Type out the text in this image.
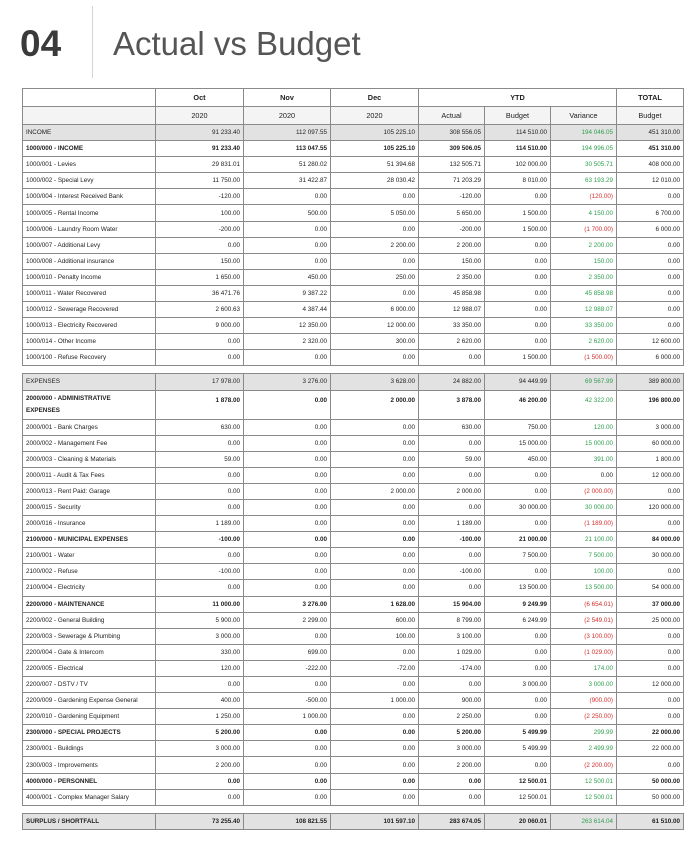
04 Actual vs Budget
	Oct	Nov	Dec	YTD			TOTAL
	2020	2020	2020	Actual	Budget	Variance	Budget
INCOME	91 233.40	112 097.55	105 225.10	308 556.05	114 510.00	194 046.05	451 310.00
1000/000 - INCOME	91 233.40	113 047.55	105 225.10	309 506.05	114 510.00	194 996.05	451 310.00
1000/001 - Levies	29 831.01	51 280.02	51 394.68	132 505.71	102 000.00	30 505.71	408 000.00
1000/002 - Special Levy	11 750.00	31 422.87	28 030.42	71 203.29	8 010.00	63 193.29	12 010.00
1000/004 - Interest Received Bank	-120.00	0.00	0.00	-120.00	0.00	(120.00)	0.00
1000/005 - Rental Income	100.00	500.00	5 050.00	5 650.00	1 500.00	4 150.00	6 700.00
1000/006 - Laundry Room Water	-200.00	0.00	0.00	-200.00	1 500.00	(1 700.00)	6 000.00
1000/007 - Additional Levy	0.00	0.00	2 200.00	2 200.00	0.00	2 200.00	0.00
1000/008 - Additional insurance	150.00	0.00	0.00	150.00	0.00	150.00	0.00
1000/010 - Penalty Income	1 650.00	450.00	250.00	2 350.00	0.00	2 350.00	0.00
1000/011 - Water Recovered	36 471.76	9 387.22	0.00	45 858.98	0.00	45 858.98	0.00
1000/012 - Sewerage Recovered	2 600.63	4 387.44	6 000.00	12 988.07	0.00	12 988.07	0.00
1000/013 - Electricity Recovered	9 000.00	12 350.00	12 000.00	33 350.00	0.00	33 350.00	0.00
1000/014 - Other Income	0.00	2 320.00	300.00	2 620.00	0.00	2 620.00	12 600.00
1000/100 - Refuse Recovery	0.00	0.00	0.00	0.00	1 500.00	(1 500.00)	6 000.00

EXPENSES	17 978.00	3 276.00	3 628.00	24 882.00	94 449.99	69 567.99	389 800.00

2000/000 - ADMINISTRATIVE
EXPENSES	1 878.00	0.00	2 000.00	3 878.00	46 200.00	42 322.00	196 800.00
2000/001 - Bank Charges	630.00	0.00	0.00	630.00	750.00	120.00	3 000.00
2000/002 - Management Fee	0.00	0.00	0.00	0.00	15 000.00	15 000.00	60 000.00
2000/003 - Cleaning & Materials	59.00	0.00	0.00	59.00	450.00	391.00	1 800.00
2000/011 - Audit & Tax Fees	0.00	0.00	0.00	0.00	0.00	0.00	12 000.00
2000/013 - Rent Paid: Garage	0.00	0.00	2 000.00	2 000.00	0.00	(2 000.00)	0.00
2000/015 - Security	0.00	0.00	0.00	0.00	30 000.00	30 000.00	120 000.00
2000/016 - Insurance	1 189.00	0.00	0.00	1 189.00	0.00	(1 189.00)	0.00
2100/000 - MUNICIPAL EXPENSES	-100.00	0.00	0.00	-100.00	21 000.00	21 100.00	84 000.00
2100/001 - Water	0.00	0.00	0.00	0.00	7 500.00	7 500.00	30 000.00
2100/002 - Refuse	-100.00	0.00	0.00	-100.00	0.00	100.00	0.00
2100/004 - Electricity	0.00	0.00	0.00	0.00	13 500.00	13 500.00	54 000.00
2200/000 - MAINTENANCE	11 000.00	3 276.00	1 628.00	15 904.00	9 249.99	(6 654.01)	37 000.00
2200/002 - General Building	5 900.00	2 299.00	600.00	8 799.00	6 249.99	(2 549.01)	25 000.00
2200/003 - Sewerage & Plumbing	3 000.00	0.00	100.00	3 100.00	0.00	(3 100.00)	0.00
2200/004 - Gate & Intercom	330.00	699.00	0.00	1 029.00	0.00	(1 029.00)	0.00
2200/005 - Electrical	120.00	-222.00	-72.00	-174.00	0.00	174.00	0.00
2200/007 - DSTV / TV	0.00	0.00	0.00	0.00	3 000.00	3 000.00	12 000.00
2200/009 - Gardening Expense General	400.00	-500.00	1 000.00	900.00	0.00	(900.00)	0.00
2200/010 - Gardening Equipment	1 250.00	1 000.00	0.00	2 250.00	0.00	(2 250.00)	0.00
2300/000 - SPECIAL PROJECTS	5 200.00	0.00	0.00	5 200.00	5 499.99	299.99	22 000.00
2300/001 - Buildings	3 000.00	0.00	0.00	3 000.00	5 499.99	2 499.99	22 000.00
2300/003 - Improvements	2 200.00	0.00	0.00	2 200.00	0.00	(2 200.00)	0.00
4000/000 - PERSONNEL	0.00	0.00	0.00	0.00	12 500.01	12 500.01	50 000.00
4000/001 - Complex Manager Salary	0.00	0.00	0.00	0.00	12 500.01	12 500.01	50 000.00

SURPLUS / SHORTFALL	73 255.40	108 821.55	101 597.10	283 674.05	20 060.01	263 614.04	61 510.00
